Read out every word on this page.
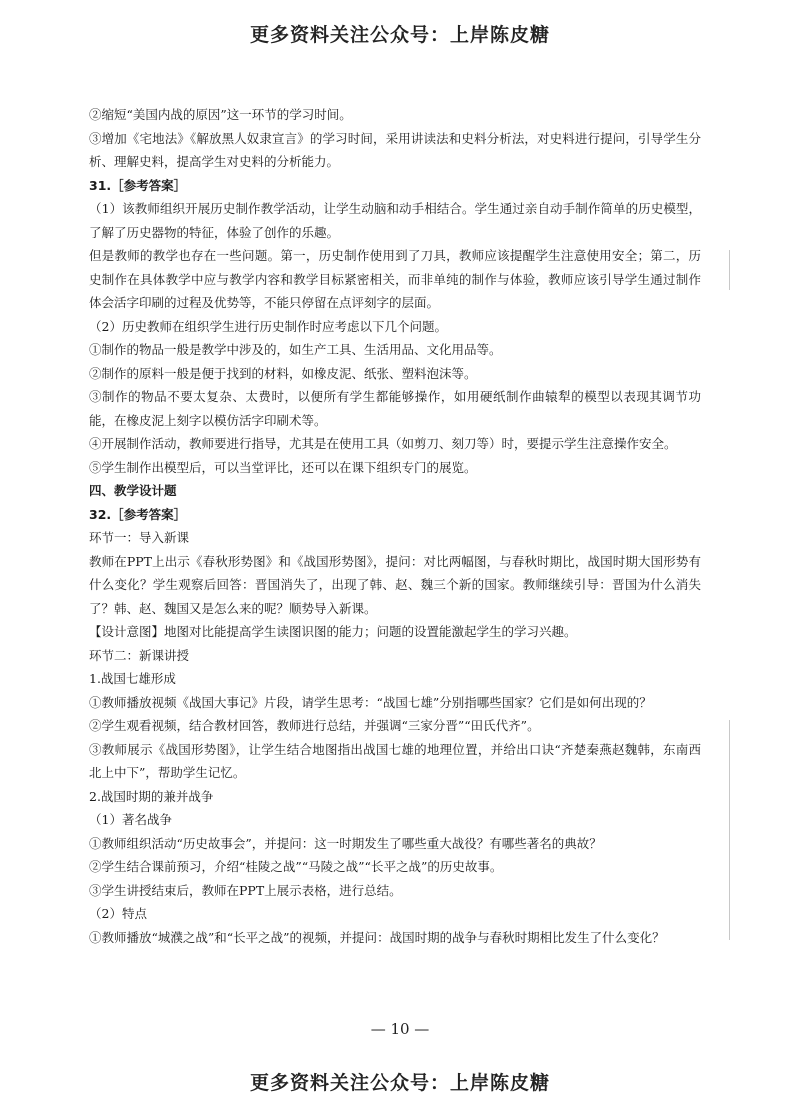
更多资料关注公众号：上岸陈皮糖

②缩短“美国内战的原因”这一环节的学习时间。

③增加《宅地法》《解放黑人奴隶宣言》的学习时间，采用讲读法和史料分析法，对史料进行提问，引导学生分析、理解史料，提高学生对史料的分析能力。

31.［参考答案］

（1）该教师组织开展历史制作教学活动，让学生动脑和动手相结合。学生通过亲自动手制作简单的历史模型，了解了历史器物的特征，体验了创作的乐趣。

但是教师的教学也存在一些问题。第一，历史制作使用到了刀具，教师应该提醒学生注意使用安全；第二，历史制作在具体教学中应与教学内容和教学目标紧密相关，而非单纯的制作与体验，教师应该引导学生通过制作体会活字印刷的过程及优势等，不能只停留在点评刻字的层面。

（2）历史教师在组织学生进行历史制作时应考虑以下几个问题。

①制作的物品一般是教学中涉及的，如生产工具、生活用品、文化用品等。

②制作的原料一般是便于找到的材料，如橡皮泥、纸张、塑料泡沫等。

③制作的物品不要太复杂、太费时，以便所有学生都能够操作，如用硬纸制作曲辕犁的模型以表现其调节功能，在橡皮泥上刻字以模仿活字印刷术等。

④开展制作活动，教师要进行指导，尤其是在使用工具（如剪刀、刻刀等）时，要提示学生注意操作安全。

⑤学生制作出模型后，可以当堂评比，还可以在课下组织专门的展览。

四、教学设计题

32.［参考答案］

环节一：导入新课

教师在PPT上出示《春秋形势图》和《战国形势图》，提问：对比两幅图，与春秋时期比，战国时期大国形势有什么变化？学生观察后回答：晋国消失了，出现了韩、赵、魏三个新的国家。教师继续引导：晋国为什么消失了？韩、赵、魏国又是怎么来的呢？顺势导入新课。

【设计意图】地图对比能提高学生读图识图的能力；问题的设置能激起学生的学习兴趣。

环节二：新课讲授

1.战国七雄形成

①教师播放视频《战国大事记》片段，请学生思考：“战国七雄”分别指哪些国家？它们是如何出现的？

②学生观看视频，结合教材回答，教师进行总结，并强调“三家分晋”“田氏代齐”。

③教师展示《战国形势图》，让学生结合地图指出战国七雄的地理位置，并给出口诀“齐楚秦燕赵魏韩，东南西北上中下”，帮助学生记忆。

2.战国时期的兼并战争

（1）著名战争

①教师组织活动“历史故事会”，并提问：这一时期发生了哪些重大战役？有哪些著名的典故？

②学生结合课前预习，介绍“桂陵之战”“马陵之战”“长平之战”的历史故事。

③学生讲授结束后，教师在PPT上展示表格，进行总结。

（2）特点

①教师播放“城濮之战”和“长平之战”的视频，并提问：战国时期的战争与春秋时期相比发生了什么变化？

— 10 —
更多资料关注公众号：上岸陈皮糖
